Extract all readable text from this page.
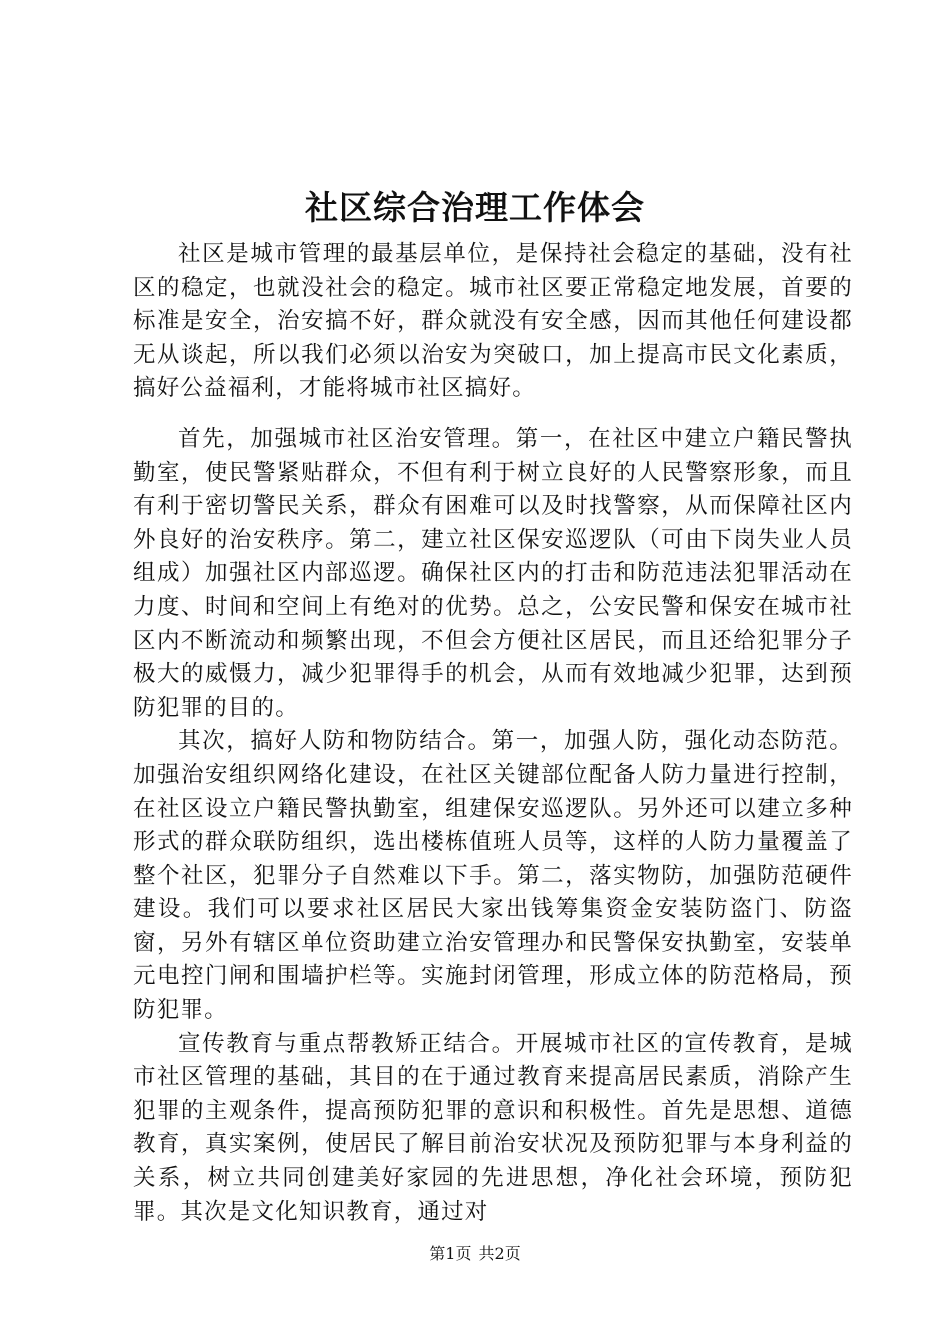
社区综合治理工作体会

社区是城市管理的最基层单位，是保持社会稳定的基础，没有社区的稳定，也就没社会的稳定。城市社区要正常稳定地发展，首要的标准是安全，治安搞不好，群众就没有安全感，因而其他任何建设都无从谈起，所以我们必须以治安为突破口，加上提高市民文化素质，搞好公益福利，才能将城市社区搞好。

首先，加强城市社区治安管理。第一，在社区中建立户籍民警执勤室，使民警紧贴群众，不但有利于树立良好的人民警察形象，而且有利于密切警民关系，群众有困难可以及时找警察，从而保障社区内外良好的治安秩序。第二，建立社区保安巡逻队（可由下岗失业人员组成）加强社区内部巡逻。确保社区内的打击和防范违法犯罪活动在力度、时间和空间上有绝对的优势。总之，公安民警和保安在城市社区内不断流动和频繁出现，不但会方便社区居民，而且还给犯罪分子极大的威慑力，减少犯罪得手的机会，从而有效地减少犯罪，达到预防犯罪的目的。

其次，搞好人防和物防结合。第一，加强人防，强化动态防范。加强治安组织网络化建设，在社区关键部位配备人防力量进行控制，在社区设立户籍民警执勤室，组建保安巡逻队。另外还可以建立多种形式的群众联防组织，选出楼栋值班人员等，这样的人防力量覆盖了整个社区，犯罪分子自然难以下手。第二，落实物防，加强防范硬件建设。我们可以要求社区居民大家出钱筹集资金安装防盗门、防盗窗，另外有辖区单位资助建立治安管理办和民警保安执勤室，安装单元电控门闸和围墙护栏等。实施封闭管理，形成立体的防范格局，预防犯罪。

宣传教育与重点帮教矫正结合。开展城市社区的宣传教育，是城市社区管理的基础，其目的在于通过教育来提高居民素质，消除产生犯罪的主观条件，提高预防犯罪的意识和积极性。首先是思想、道德教育，真实案例，使居民了解目前治安状况及预防犯罪与本身利益的关系，树立共同创建美好家园的先进思想，净化社会环境，预防犯罪。其次是文化知识教育，通过对

第1页 共2页
